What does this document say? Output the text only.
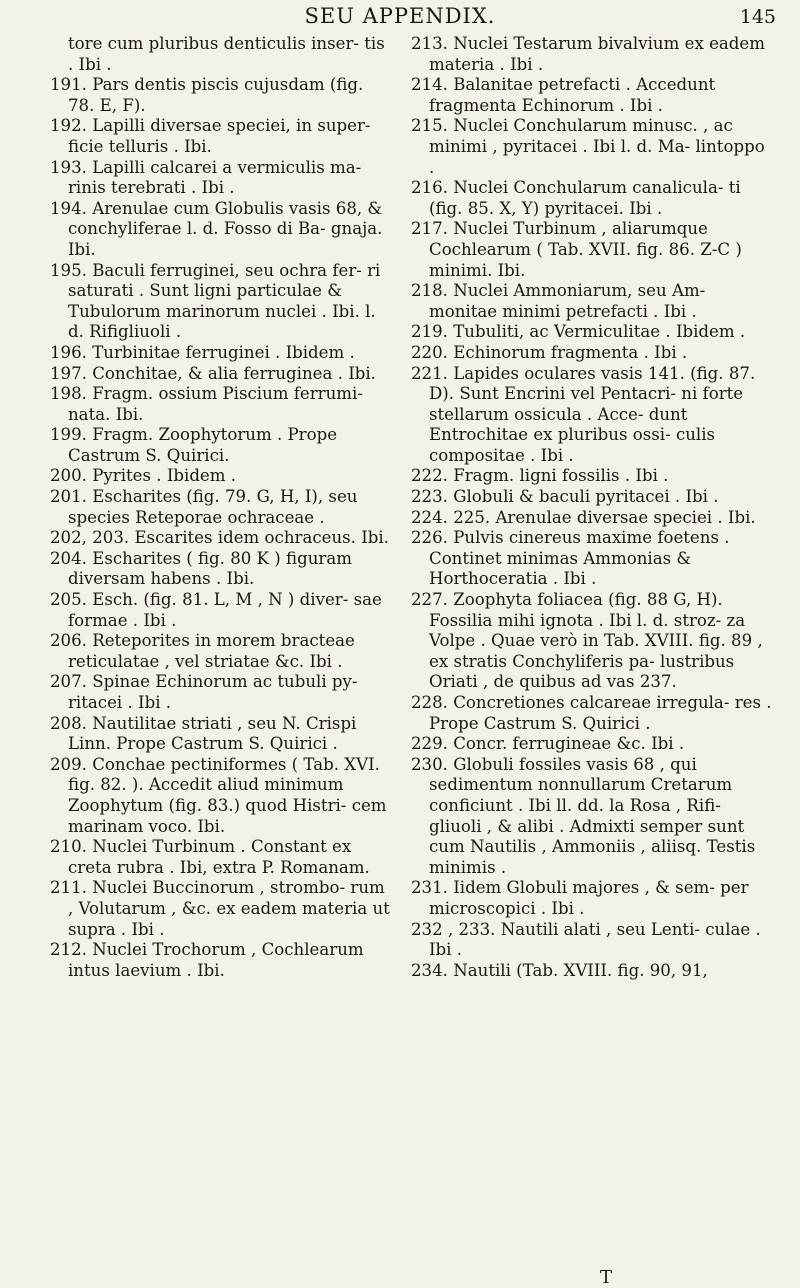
SEU APPENDIX.	145

tore cum pluribus denticulis inser- tis . Ibi .

191. Pars dentis piscis cujusdam (fig. 78. E, F).

192. Lapilli diversae speciei, in super- ficie telluris . Ibi.

193. Lapilli calcarei a vermiculis ma- rinis terebrati . Ibi .

194. Arenulae cum Globulis vasis 68, & conchyliferae l. d. Fosso di Ba- gnaja. Ibi.

195. Baculi ferruginei, seu ochra fer- ri saturati . Sunt ligni particulae & Tubulorum marinorum nuclei . Ibi. l. d. Rifigliuoli .

196. Turbinitae ferruginei . Ibidem .

197. Conchitae, & alia ferruginea . Ibi.

198. Fragm. ossium Piscium ferrumi- nata. Ibi.

199. Fragm. Zoophytorum . Prope Castrum S. Quirici.

200. Pyrites . Ibidem .

201. Escharites (fig. 79. G, H, I), seu species Reteporae ochraceae .

202, 203. Escarites idem ochraceus. Ibi.

204. Escharites ( fig. 80 K ) figuram diversam habens . Ibi.

205. Esch. (fig. 81. L, M , N ) diver- sae formae . Ibi .

206. Reteporites in morem bracteae reticulatae , vel striatae &c. Ibi .

207. Spinae Echinorum ac tubuli py- ritacei . Ibi .

208. Nautilitae striati , seu N. Crispi Linn. Prope Castrum S. Quirici .

209. Conchae pectiniformes ( Tab. XVI. fig. 82. ). Accedit aliud minimum Zoophytum (fig. 83.) quod Histri- cem marinam voco. Ibi.

210. Nuclei Turbinum . Constant ex creta rubra . Ibi, extra P. Romanam.

211. Nuclei Buccinorum , strombo- rum , Volutarum , &c. ex eadem materia ut supra . Ibi .

212. Nuclei Trochorum , Cochlearum intus laevium . Ibi.

213. Nuclei Testarum bivalvium ex eadem materia . Ibi .

214. Balanitae petrefacti . Accedunt fragmenta Echinorum . Ibi .

215. Nuclei Conchularum minusc. , ac minimi , pyritacei . Ibi l. d. Ma- lintoppo .

216. Nuclei Conchularum canalicula- ti (fig. 85. X, Y) pyritacei. Ibi .

217. Nuclei Turbinum , aliarumque Cochlearum ( Tab. XVII. fig. 86. Z-C ) minimi. Ibi.

218. Nuclei Ammoniarum, seu Am- monitae minimi petrefacti . Ibi .

219. Tubuliti, ac Vermiculitae . Ibidem .

220. Echinorum fragmenta . Ibi .

221. Lapides oculares vasis 141. (fig. 87. D). Sunt Encrini vel Pentacri- ni forte stellarum ossicula . Acce- dunt Entrochitae ex pluribus ossi- culis compositae . Ibi .

222. Fragm. ligni fossilis . Ibi .

223. Globuli & baculi pyritacei . Ibi .

224. 225. Arenulae diversae speciei . Ibi.

226. Pulvis cinereus maxime foetens . Continet minimas Ammonias & Horthoceratia . Ibi .

227. Zoophyta foliacea (fig. 88 G, H). Fossilia mihi ignota . Ibi l. d. stroz- za Volpe . Quae verò in Tab. XVIII. fig. 89 , ex stratis Conchyliferis pa- lustribus Oriati , de quibus ad vas 237.

228. Concretiones calcareae irregula- res . Prope Castrum S. Quirici .

229. Concr. ferrugineae &c. Ibi .

230. Globuli fossiles vasis 68 , qui sedimentum nonnullarum Cretarum conficiunt . Ibi ll. dd. la Rosa , Rifi- gliuoli , & alibi . Admixti semper sunt cum Nautilis , Ammoniis , aliisq. Testis minimis .

231. Iidem Globuli majores , & sem- per microscopici . Ibi .

232 , 233. Nautili alati , seu Lenti- culae . Ibi .

234. Nautili (Tab. XVIII. fig. 90, 91,

T
